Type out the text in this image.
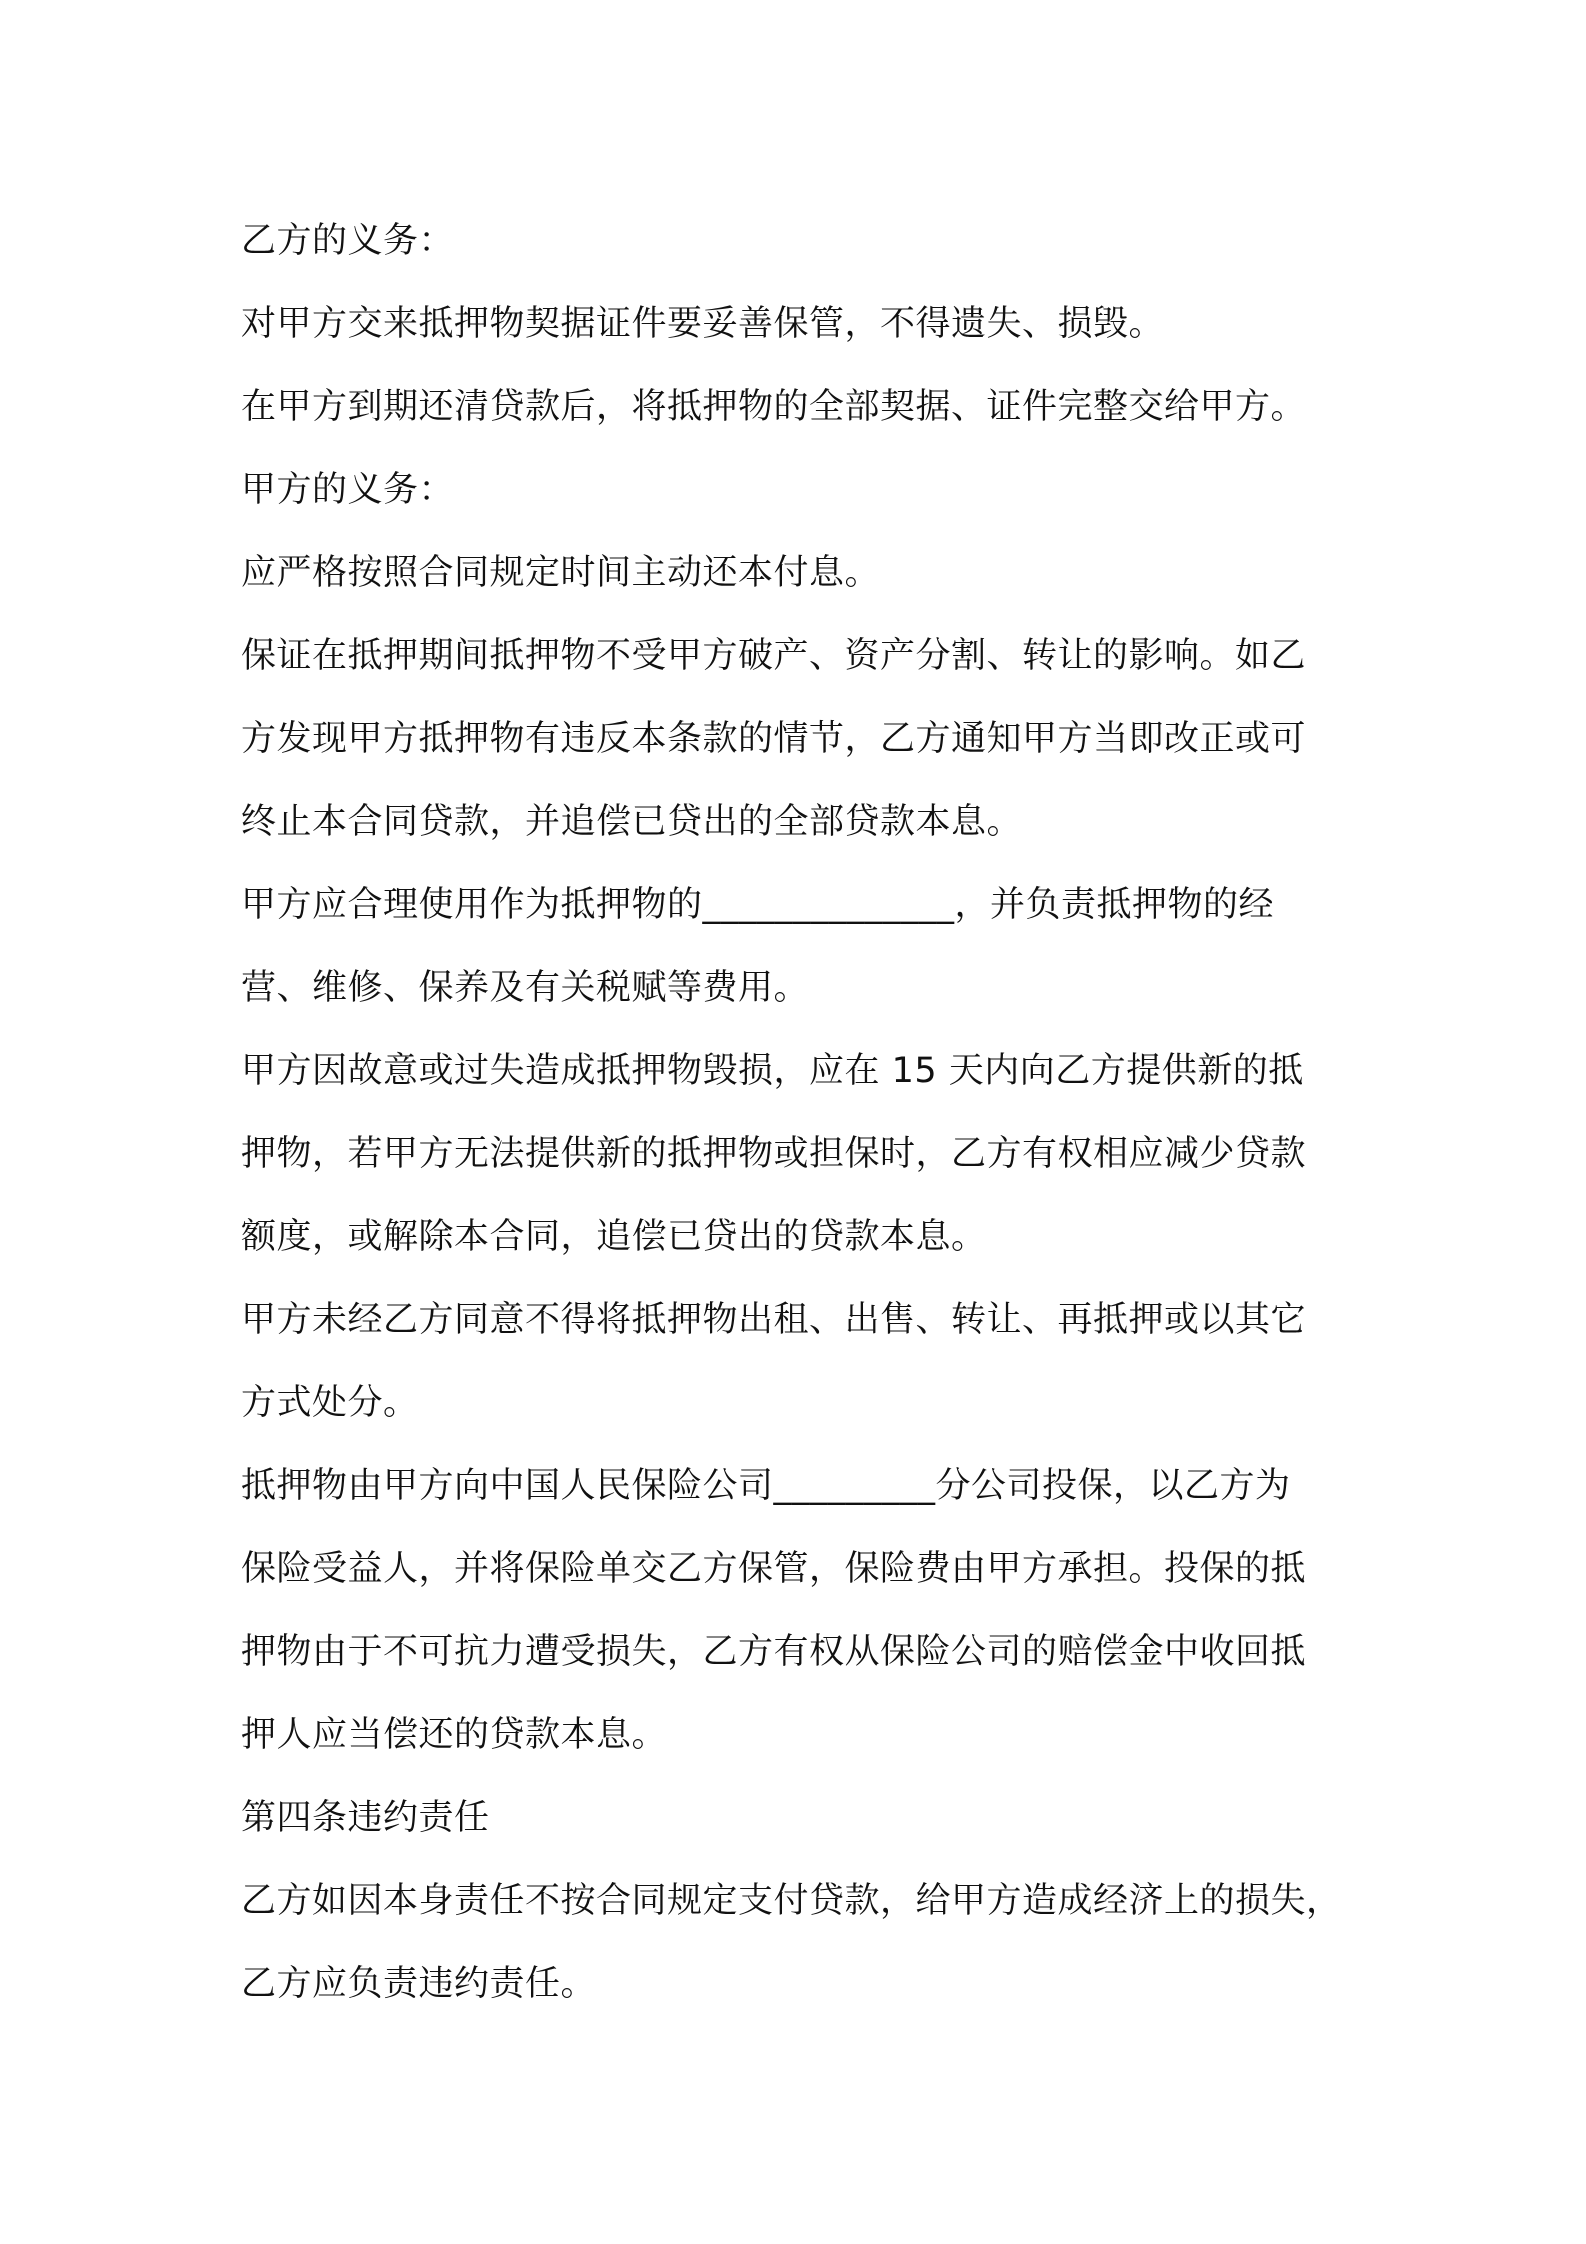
乙方的义务：

对甲方交来抵押物契据证件要妥善保管，不得遗失、损毁。

在甲方到期还清贷款后，将抵押物的全部契据、证件完整交给甲方。

甲方的义务：

应严格按照合同规定时间主动还本付息。

保证在抵押期间抵押物不受甲方破产、资产分割、转让的影响。如乙

方发现甲方抵押物有违反本条款的情节，乙方通知甲方当即改正或可

终止本合同贷款，并追偿已贷出的全部贷款本息。

甲方应合理使用作为抵押物的______________，并负责抵押物的经

营、维修、保养及有关税赋等费用。

甲方因故意或过失造成抵押物毁损，应在 15 天内向乙方提供新的抵

押物，若甲方无法提供新的抵押物或担保时，乙方有权相应减少贷款

额度，或解除本合同，追偿已贷出的贷款本息。

甲方未经乙方同意不得将抵押物出租、出售、转让、再抵押或以其它

方式处分。

抵押物由甲方向中国人民保险公司_________分公司投保，以乙方为

保险受益人，并将保险单交乙方保管，保险费由甲方承担。投保的抵

押物由于不可抗力遭受损失，乙方有权从保险公司的赔偿金中收回抵

押人应当偿还的贷款本息。

第四条违约责任

乙方如因本身责任不按合同规定支付贷款，给甲方造成经济上的损失，

乙方应负责违约责任。
